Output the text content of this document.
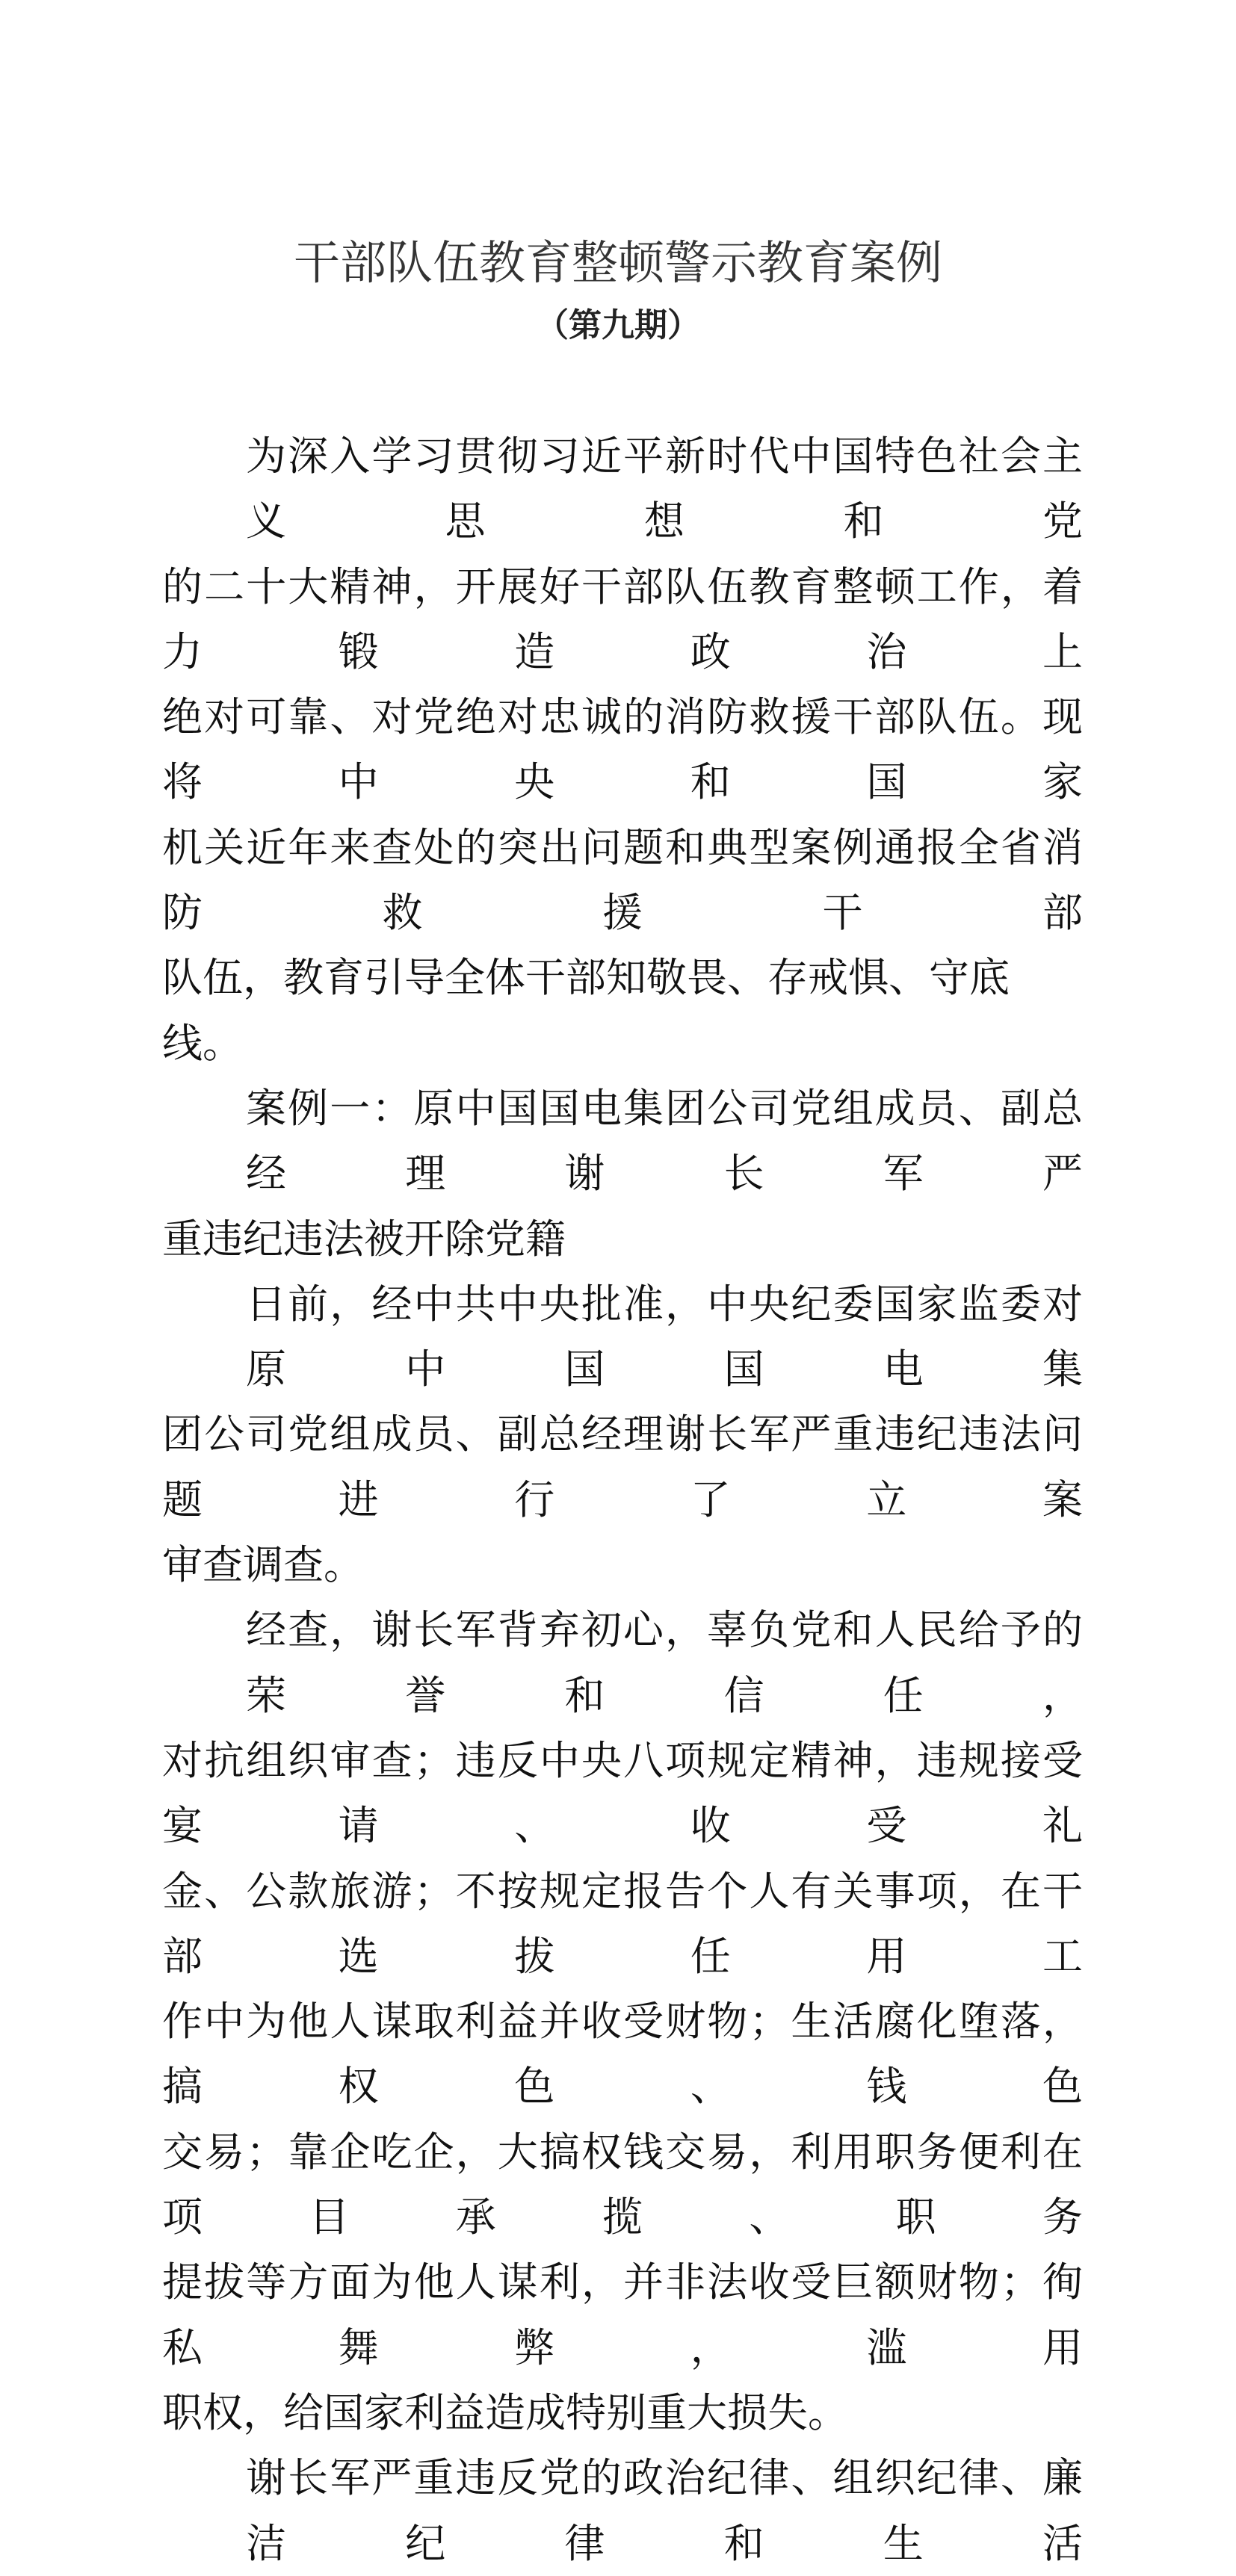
干部队伍教育整顿警示教育案例
（第九期）
为深入学习贯彻习近平新时代中国特色社会主义思想和党
的二十大精神，开展好干部队伍教育整顿工作，着力锻造政治上
绝对可靠、对党绝对忠诚的消防救援干部队伍。现将中央和国家
机关近年来查处的突出问题和典型案例通报全省消防救援干部
队伍，教育引导全体干部知敬畏、存戒惧、守底线。
案例一：原中国国电集团公司党组成员、副总经理谢长军严
重违纪违法被开除党籍
日前，经中共中央批准，中央纪委国家监委对原中国国电集
团公司党组成员、副总经理谢长军严重违纪违法问题进行了立案
审查调查。
经查，谢长军背弃初心，辜负党和人民给予的荣誉和信任，
对抗组织审查；违反中央八项规定精神，违规接受宴请、收受礼
金、公款旅游；不按规定报告个人有关事项，在干部选拔任用工
作中为他人谋取利益并收受财物；生活腐化堕落，搞权色、钱色
交易；靠企吃企，大搞权钱交易，利用职务便利在项目承揽、职务
提拔等方面为他人谋利，并非法收受巨额财物；徇私舞弊，滥用
职权，给国家利益造成特别重大损失。
谢长军严重违反党的政治纪律、组织纪律、廉洁纪律和生活
